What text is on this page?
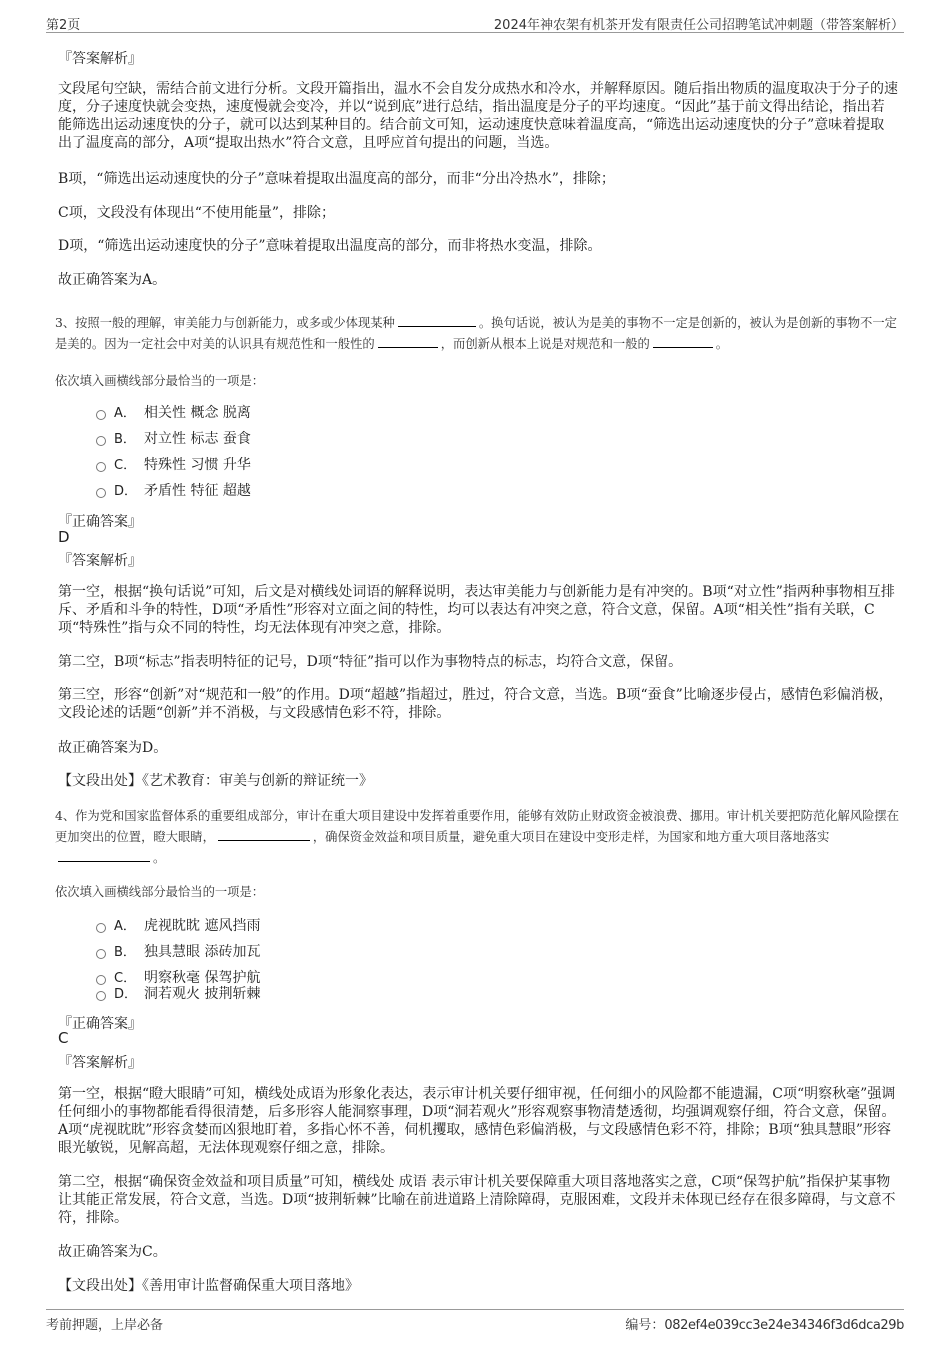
第2页	2024年神农架有机茶开发有限责任公司招聘笔试冲刺题（带答案解析）

『答案解析』

文段尾句空缺，需结合前文进行分析。文段开篇指出，温水不会自发分成热水和冷水，并解释原因。随后指出物质的温度取决于分子的速度，分子速度快就会变热，速度慢就会变冷，并以“说到底”进行总结，指出温度是分子的平均速度。“因此”基于前文得出结论，指出若能筛选出运动速度快的分子，就可以达到某种目的。结合前文可知，运动速度快意味着温度高，“筛选出运动速度快的分子”意味着提取出了温度高的部分，A项“提取出热水”符合文意，且呼应首句提出的问题，当选。

B项，“筛选出运动速度快的分子”意味着提取出温度高的部分，而非“分出冷热水”，排除；

C项，文段没有体现出“不使用能量”，排除；

D项，“筛选出运动速度快的分子”意味着提取出温度高的部分，而非将热水变温，排除。

故正确答案为A。

3、按照一般的理解，审美能力与创新能力，或多或少体现某种	。换句话说，被认为是美的事物不一定是创新的，被认为是创新的事物不一定是美的。因为一定社会中对美的认识具有规范性和一般性的	，而创新从根本上说是对规范和一般的	。

依次填入画横线部分最恰当的一项是：

A． 相关性 概念 脱离
B． 对立性 标志 蚕食
C． 特殊性 习惯 升华
D． 矛盾性 特征 超越

『正确答案』

D

『答案解析』

第一空，根据“换句话说”可知，后文是对横线处词语的解释说明，表达审美能力与创新能力是有冲突的。B项“对立性”指两种事物相互排斥、矛盾和斗争的特性，D项“矛盾性”形容对立面之间的特性，均可以表达有冲突之意，符合文意，保留。A项“相关性”指有关联，C项“特殊性”指与众不同的特性，均无法体现有冲突之意，排除。

第二空，B项“标志”指表明特征的记号，D项“特征”指可以作为事物特点的标志，均符合文意，保留。

第三空，形容“创新”对“规范和一般”的作用。D项“超越”指超过，胜过，符合文意，当选。B项“蚕食”比喻逐步侵占，感情色彩偏消极，文段论述的话题“创新”并不消极，与文段感情色彩不符，排除。

故正确答案为D。

【文段出处】《艺术教育：审美与创新的辩证统一》

4、作为党和国家监督体系的重要组成部分，审计在重大项目建设中发挥着重要作用，能够有效防止财政资金被浪费、挪用。审计机关要把防范化解风险摆在更加突出的位置，瞪大眼睛，	，确保资金效益和项目质量，避免重大项目在建设中变形走样，为国家和地方重大项目落地落实。

依次填入画横线部分最恰当的一项是：

A． 虎视眈眈 遮风挡雨
B． 独具慧眼 添砖加瓦
C． 明察秋毫 保驾护航
D． 洞若观火 披荆斩棘

『正确答案』

C

『答案解析』

第一空，根据“瞪大眼睛”可知，横线处成语为形象化表达，表示审计机关要仔细审视，任何细小的风险都不能遗漏，C项“明察秋毫”强调任何细小的事物都能看得很清楚，后多形容人能洞察事理，D项“洞若观火”形容观察事物清楚透彻，均强调观察仔细，符合文意，保留。A项“虎视眈眈”形容贪婪而凶狠地盯着，多指心怀不善，伺机攫取，感情色彩偏消极，与文段感情色彩不符，排除；B项“独具慧眼”形容眼光敏锐，见解高超，无法体现观察仔细之意，排除。

第二空，根据“确保资金效益和项目质量”可知，横线处 成语 表示审计机关要保障重大项目落地落实之意，C项“保驾护航”指保护某事物让其能正常发展，符合文意，当选。D项“披荆斩棘”比喻在前进道路上清除障碍，克服困难，文段并未体现已经存在很多障碍，与文意不符，排除。

故正确答案为C。

【文段出处】《善用审计监督确保重大项目落地》

考前押题，上岸必备	编号：082ef4e039cc3e24e34346f3d6dca29b
